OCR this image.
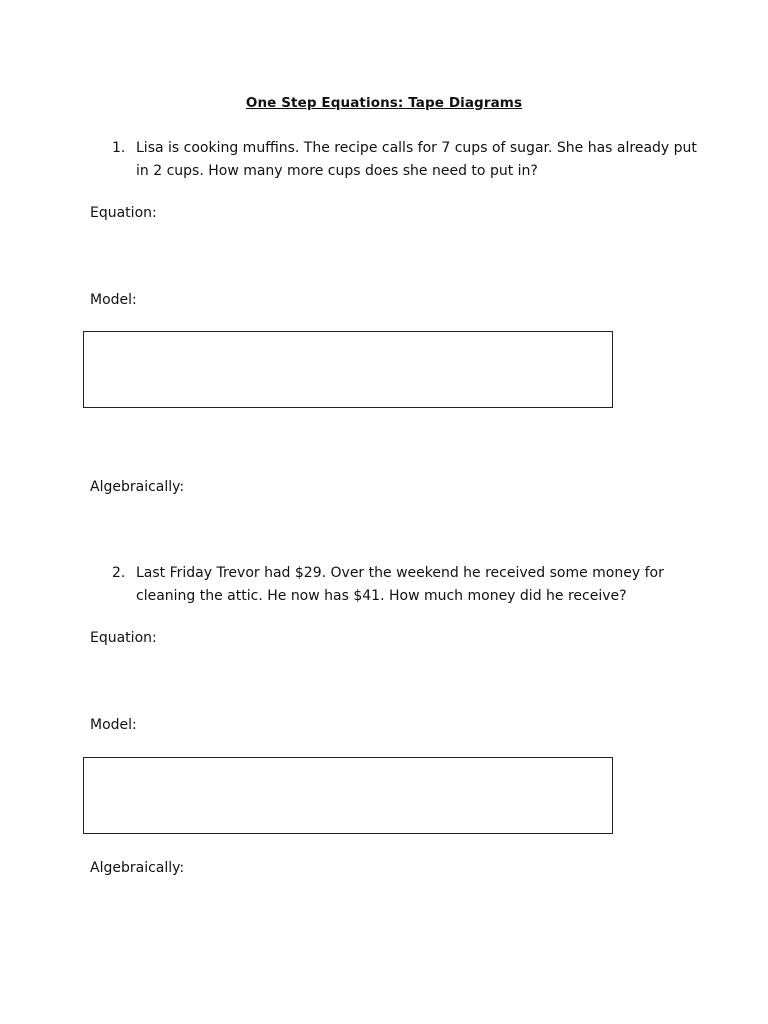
One Step Equations: Tape Diagrams
1. Lisa is cooking muffins. The recipe calls for 7 cups of sugar. She has already put in 2 cups. How many more cups does she need to put in?
Equation:
Model:
Algebraically:
2. Last Friday Trevor had $29. Over the weekend he received some money for cleaning the attic. He now has $41. How much money did he receive?
Equation:
Model:
Algebraically:
